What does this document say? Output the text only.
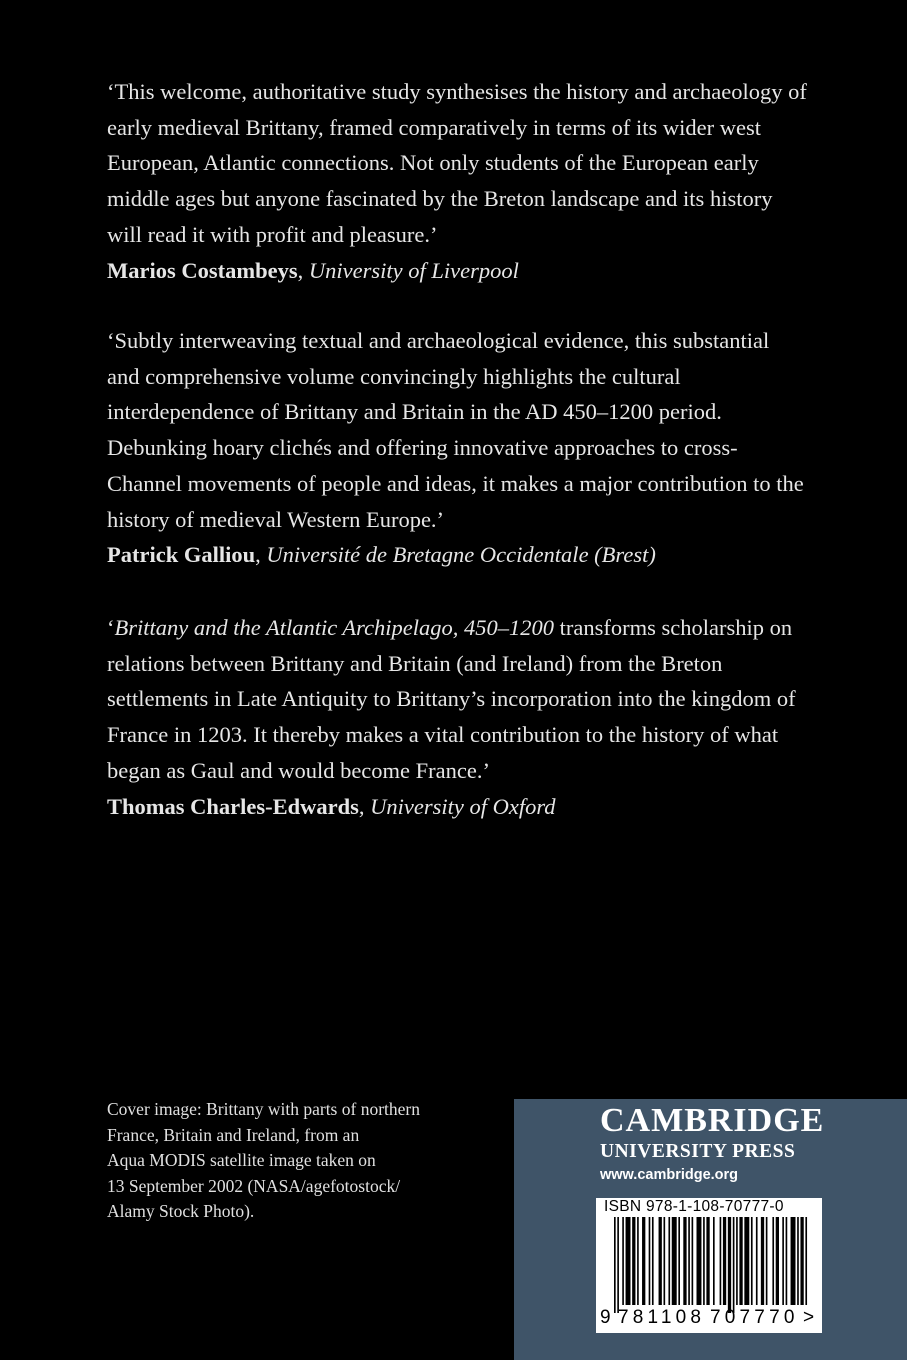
‘This welcome, authoritative study synthesises the history and archaeology of early medieval Brittany, framed comparatively in terms of its wider west European, Atlantic connections. Not only students of the European early middle ages but anyone fascinated by the Breton landscape and its history will read it with profit and pleasure.’

Marios Costambeys, University of Liverpool

‘Subtly interweaving textual and archaeological evidence, this substantial and comprehensive volume convincingly highlights the cultural interdependence of Brittany and Britain in the AD 450–1200 period. Debunking hoary clichés and offering innovative approaches to cross-Channel movements of people and ideas, it makes a major contribution to the history of medieval Western Europe.’

Patrick Galliou, Université de Bretagne Occidentale (Brest)

‘Brittany and the Atlantic Archipelago, 450–1200 transforms scholarship on relations between Brittany and Britain (and Ireland) from the Breton settlements in Late Antiquity to Brittany’s incorporation into the kingdom of France in 1203. It thereby makes a vital contribution to the history of what began as Gaul and would become France.’

Thomas Charles-Edwards, University of Oxford

Cover image: Brittany with parts of northern
France, Britain and Ireland, from an
Aqua MODIS satellite image taken on
13 September 2002 (NASA/agefotostock/
Alamy Stock Photo).
CAMBRIDGE
UNIVERSITY PRESS
www.cambridge.org
ISBN 978-1-108-70777-0
9 781108 707770 >
